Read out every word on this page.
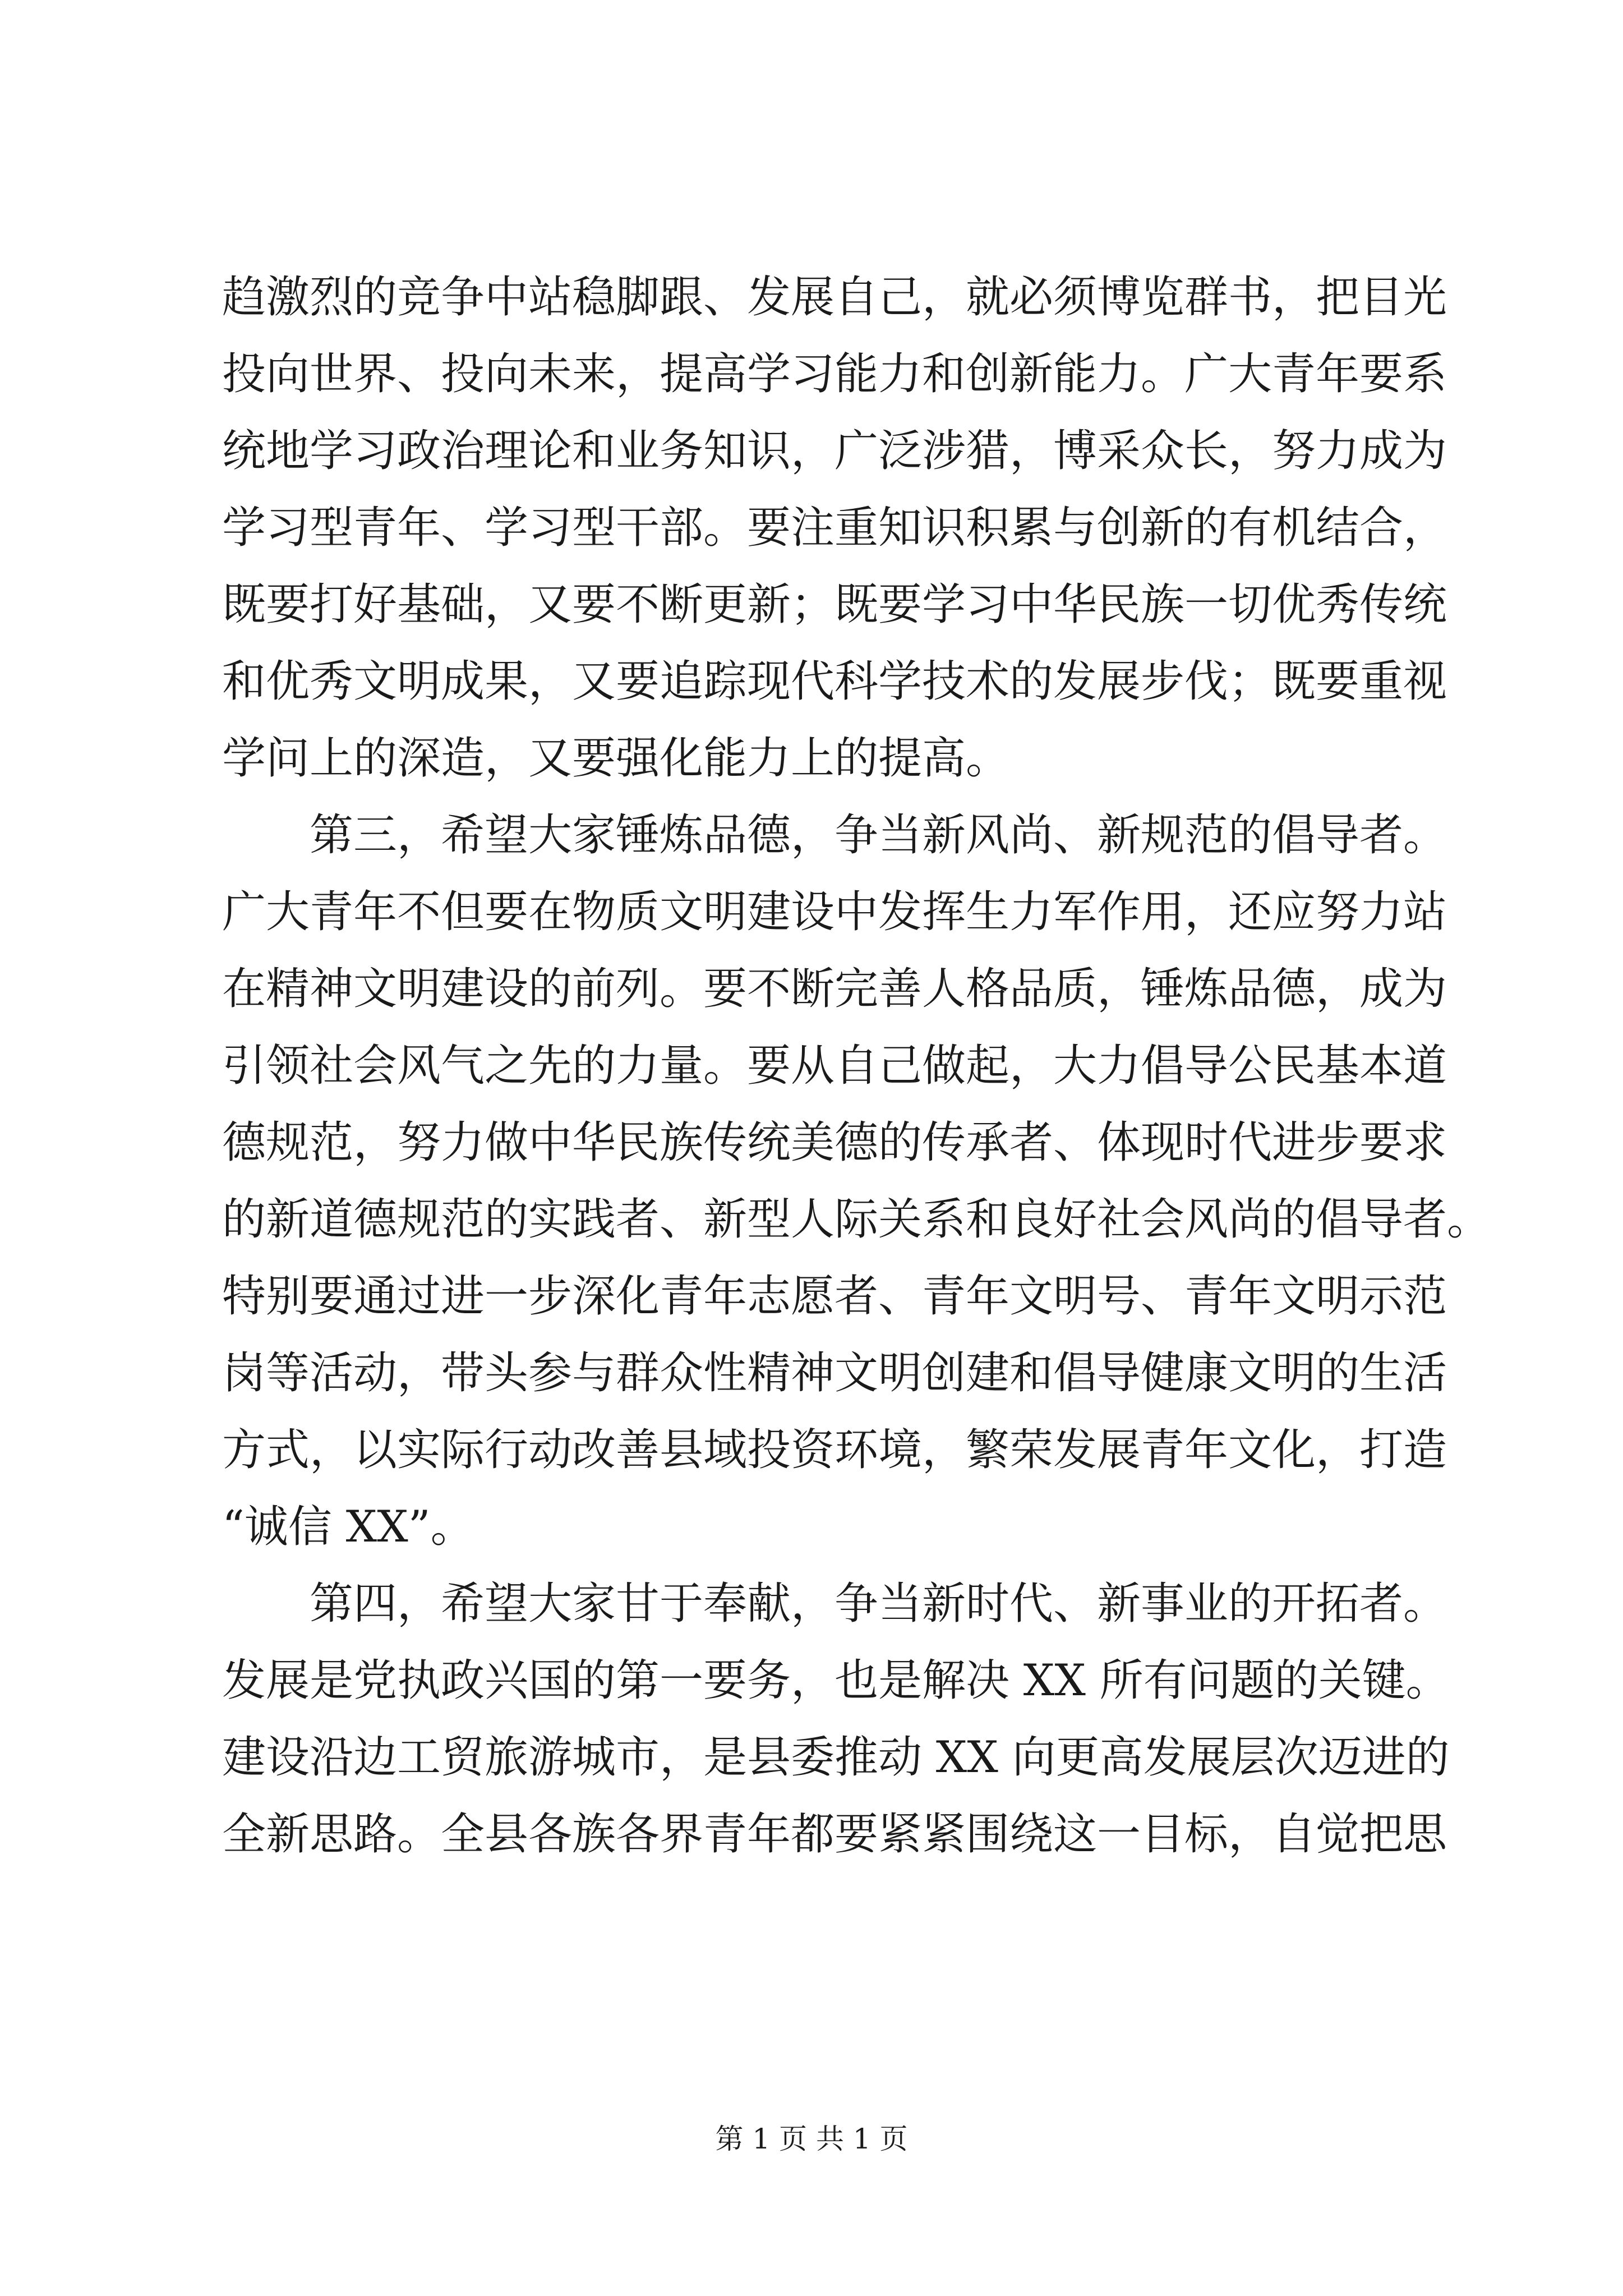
趋激烈的竞争中站稳脚跟、发展自己，就必须博览群书，把目光
投向世界、投向未来，提高学习能力和创新能力。广大青年要系
统地学习政治理论和业务知识，广泛涉猎，博采众长，努力成为
学习型青年、学习型干部。要注重知识积累与创新的有机结合，
既要打好基础，又要不断更新；既要学习中华民族一切优秀传统
和优秀文明成果，又要追踪现代科学技术的发展步伐；既要重视
学问上的深造，又要强化能力上的提高。
　　第三，希望大家锤炼品德，争当新风尚、新规范的倡导者。
广大青年不但要在物质文明建设中发挥生力军作用，还应努力站
在精神文明建设的前列。要不断完善人格品质，锤炼品德，成为
引领社会风气之先的力量。要从自己做起，大力倡导公民基本道
德规范，努力做中华民族传统美德的传承者、体现时代进步要求
的新道德规范的实践者、新型人际关系和良好社会风尚的倡导者。
特别要通过进一步深化青年志愿者、青年文明号、青年文明示范
岗等活动，带头参与群众性精神文明创建和倡导健康文明的生活
方式，以实际行动改善县域投资环境，繁荣发展青年文化，打造
“诚信 XX”。
　　第四，希望大家甘于奉献，争当新时代、新事业的开拓者。
发展是党执政兴国的第一要务，也是解决 XX 所有问题的关键。
建设沿边工贸旅游城市，是县委推动 XX 向更高发展层次迈进的
全新思路。全县各族各界青年都要紧紧围绕这一目标，自觉把思
第 1 页 共 1 页
